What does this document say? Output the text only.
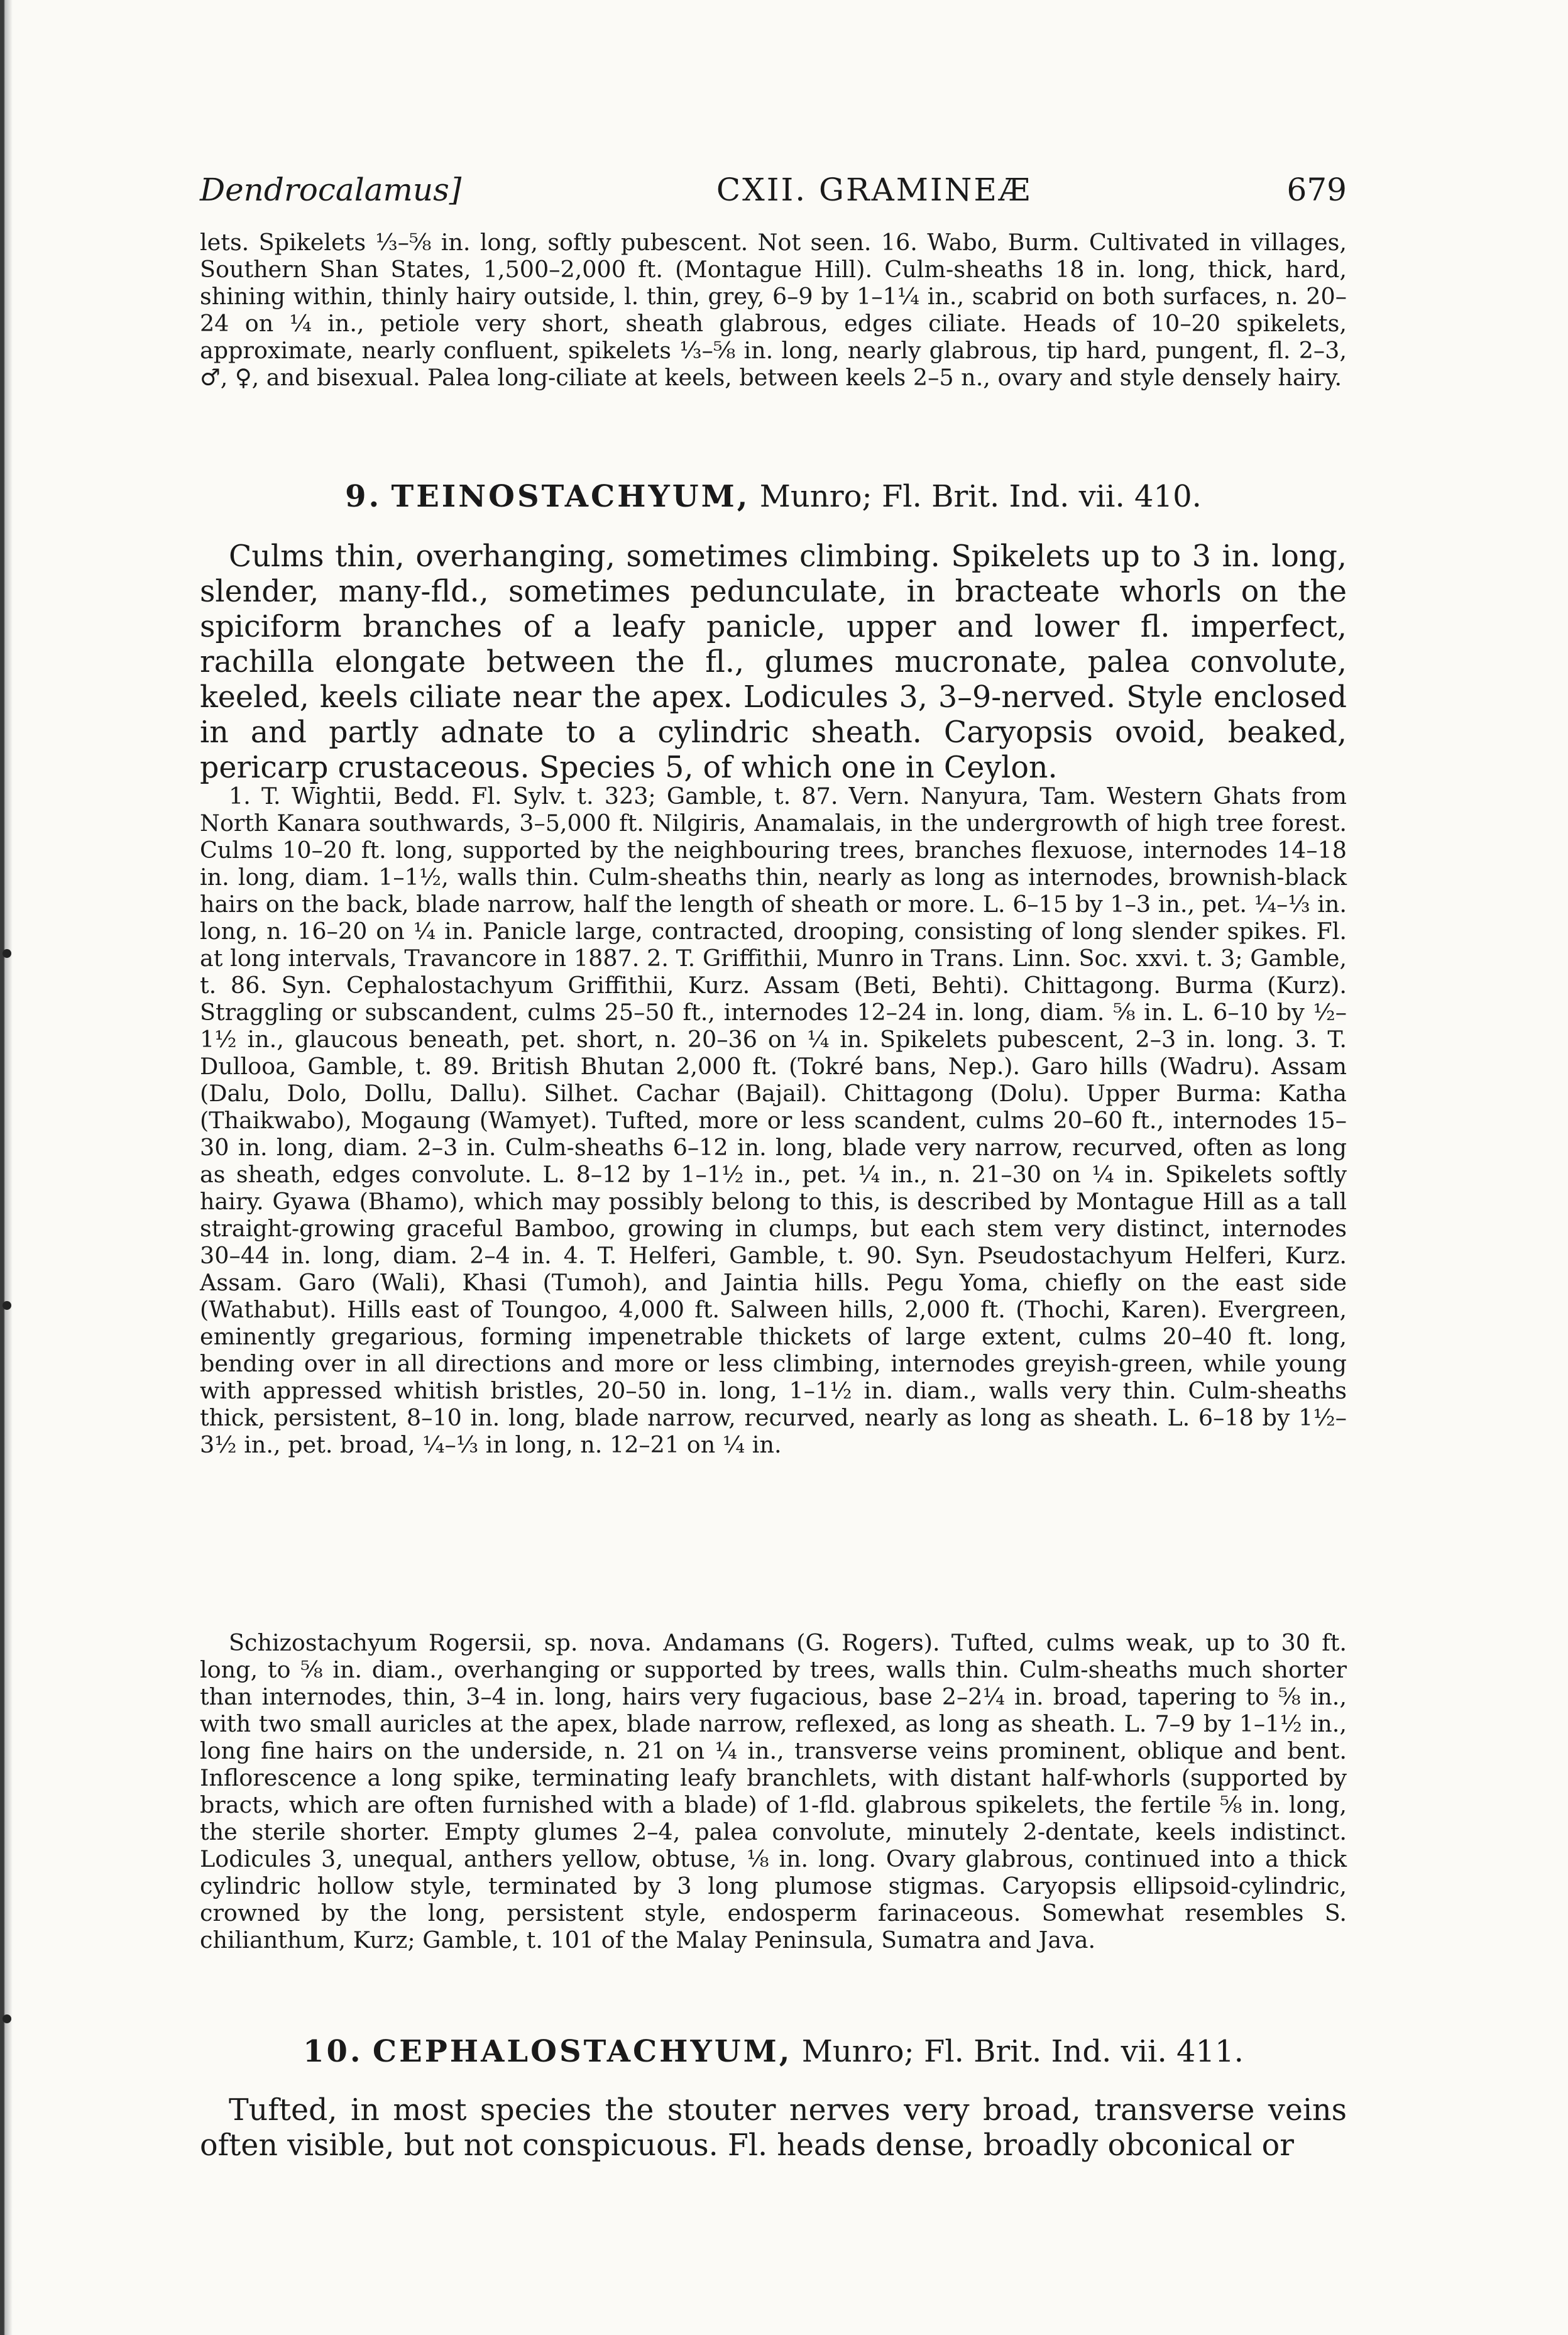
Dendrocalamus]	CXII. GRAMINEÆ	679

lets. Spikelets ⅓–⅝ in. long, softly pubescent. Not seen. 16. Wabo, Burm. Cultivated in villages, Southern Shan States, 1,500–2,000 ft. (Montague Hill). Culm-sheaths 18 in. long, thick, hard, shining within, thinly hairy outside, l. thin, grey, 6–9 by 1–1¼ in., scabrid on both surfaces, n. 20–24 on ¼ in., petiole very short, sheath glabrous, edges ciliate. Heads of 10–20 spikelets, approximate, nearly confluent, spikelets ⅓–⅝ in. long, nearly glabrous, tip hard, pungent, fl. 2–3, ♂, ♀, and bisexual. Palea long-ciliate at keels, between keels 2–5 n., ovary and style densely hairy.

9. TEINOSTACHYUM, Munro; Fl. Brit. Ind. vii. 410.

Culms thin, overhanging, sometimes climbing. Spikelets up to 3 in. long, slender, many-fld., sometimes pedunculate, in bracteate whorls on the spiciform branches of a leafy panicle, upper and lower fl. imperfect, rachilla elongate between the fl., glumes mucronate, palea convolute, keeled, keels ciliate near the apex. Lodicules 3, 3–9-nerved. Style enclosed in and partly adnate to a cylindric sheath. Caryopsis ovoid, beaked, pericarp crustaceous. Species 5, of which one in Ceylon.

1. T. Wightii, Bedd. Fl. Sylv. t. 323; Gamble, t. 87. Vern. Nanyura, Tam. Western Ghats from North Kanara southwards, 3–5,000 ft. Nilgiris, Anamalais, in the undergrowth of high tree forest. Culms 10–20 ft. long, supported by the neighbouring trees, branches flexuose, internodes 14–18 in. long, diam. 1–1½, walls thin. Culm-sheaths thin, nearly as long as internodes, brownish-black hairs on the back, blade narrow, half the length of sheath or more. L. 6–15 by 1–3 in., pet. ¼–⅓ in. long, n. 16–20 on ¼ in. Panicle large, contracted, drooping, consisting of long slender spikes. Fl. at long intervals, Travancore in 1887. 2. T. Griffithii, Munro in Trans. Linn. Soc. xxvi. t. 3; Gamble, t. 86. Syn. Cephalostachyum Griffithii, Kurz. Assam (Beti, Behti). Chittagong. Burma (Kurz). Straggling or subscandent, culms 25–50 ft., internodes 12–24 in. long, diam. ⅝ in. L. 6–10 by ½–1½ in., glaucous beneath, pet. short, n. 20–36 on ¼ in. Spikelets pubescent, 2–3 in. long. 3. T. Dullooa, Gamble, t. 89. British Bhutan 2,000 ft. (Tokré bans, Nep.). Garo hills (Wadru). Assam (Dalu, Dolo, Dollu, Dallu). Silhet. Cachar (Bajail). Chittagong (Dolu). Upper Burma: Katha (Thaikwabo), Mogaung (Wamyet). Tufted, more or less scandent, culms 20–60 ft., internodes 15–30 in. long, diam. 2–3 in. Culm-sheaths 6–12 in. long, blade very narrow, recurved, often as long as sheath, edges convolute. L. 8–12 by 1–1½ in., pet. ¼ in., n. 21–30 on ¼ in. Spikelets softly hairy. Gyawa (Bhamo), which may possibly belong to this, is described by Montague Hill as a tall straight-growing graceful Bamboo, growing in clumps, but each stem very distinct, internodes 30–44 in. long, diam. 2–4 in. 4. T. Helferi, Gamble, t. 90. Syn. Pseudostachyum Helferi, Kurz. Assam. Garo (Wali), Khasi (Tumoh), and Jaintia hills. Pegu Yoma, chiefly on the east side (Wathabut). Hills east of Toungoo, 4,000 ft. Salween hills, 2,000 ft. (Thochi, Karen). Evergreen, eminently gregarious, forming impenetrable thickets of large extent, culms 20–40 ft. long, bending over in all directions and more or less climbing, internodes greyish-green, while young with appressed whitish bristles, 20–50 in. long, 1–1½ in. diam., walls very thin. Culm-sheaths thick, persistent, 8–10 in. long, blade narrow, recurved, nearly as long as sheath. L. 6–18 by 1½–3½ in., pet. broad, ¼–⅓ in long, n. 12–21 on ¼ in.

Schizostachyum Rogersii, sp. nova. Andamans (G. Rogers). Tufted, culms weak, up to 30 ft. long, to ⅝ in. diam., overhanging or supported by trees, walls thin. Culm-sheaths much shorter than internodes, thin, 3–4 in. long, hairs very fugacious, base 2–2¼ in. broad, tapering to ⅝ in., with two small auricles at the apex, blade narrow, reflexed, as long as sheath. L. 7–9 by 1–1½ in., long fine hairs on the underside, n. 21 on ¼ in., transverse veins prominent, oblique and bent. Inflorescence a long spike, terminating leafy branchlets, with distant half-whorls (supported by bracts, which are often furnished with a blade) of 1-fld. glabrous spikelets, the fertile ⅝ in. long, the sterile shorter. Empty glumes 2–4, palea convolute, minutely 2-dentate, keels indistinct. Lodicules 3, unequal, anthers yellow, obtuse, ⅛ in. long. Ovary glabrous, continued into a thick cylindric hollow style, terminated by 3 long plumose stigmas. Caryopsis ellipsoid-cylindric, crowned by the long, persistent style, endosperm farinaceous. Somewhat resembles S. chilianthum, Kurz; Gamble, t. 101 of the Malay Peninsula, Sumatra and Java.

10. CEPHALOSTACHYUM, Munro; Fl. Brit. Ind. vii. 411.

Tufted, in most species the stouter nerves very broad, transverse veins often visible, but not conspicuous. Fl. heads dense, broadly obconical or
